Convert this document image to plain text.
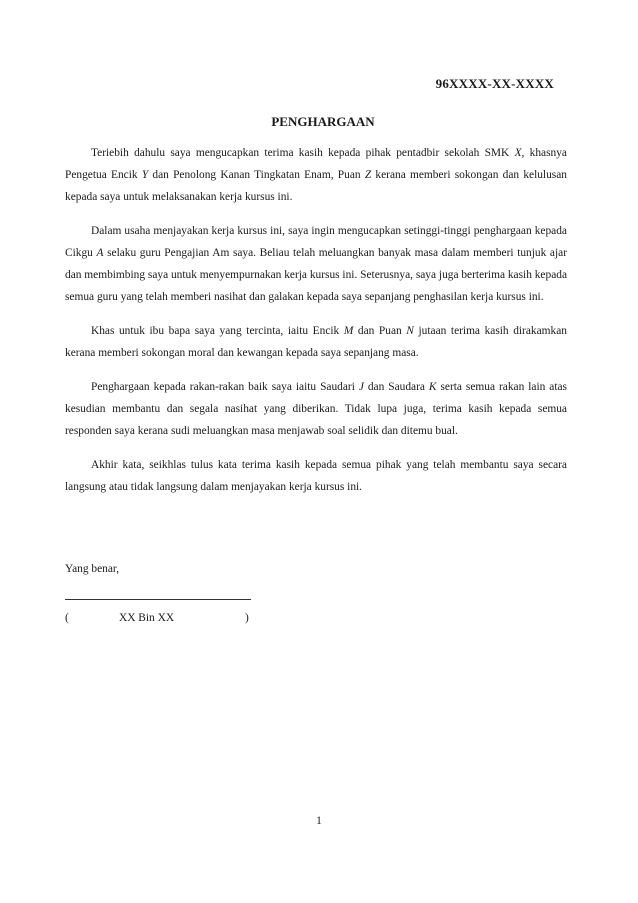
96XXXX-XX-XXXX
PENGHARGAAN

Teriebih dahulu saya mengucapkan terima kasih kepada pihak pentadbir sekolah SMK X, khasnya Pengetua Encik Y dan Penolong Kanan Tingkatan Enam, Puan Z kerana memberi sokongan dan kelulusan kepada saya untuk melaksanakan kerja kursus ini.

Dalam usaha menjayakan kerja kursus ini, saya ingin mengucapkan setinggi-tinggi penghargaan kepada Cikgu A selaku guru Pengajian Am saya. Beliau telah meluangkan banyak masa dalam memberi tunjuk ajar dan membimbing saya untuk menyempurnakan kerja kursus ini. Seterusnya, saya juga berterima kasih kepada semua guru yang telah memberi nasihat dan galakan kepada saya sepanjang penghasilan kerja kursus ini.

Khas untuk ibu bapa saya yang tercinta, iaitu Encik M dan Puan N jutaan terima kasih dirakamkan kerana memberi sokongan moral dan kewangan kepada saya sepanjang masa.

Penghargaan kepada rakan-rakan baik saya iaitu Saudari J dan Saudara K serta semua rakan lain atas kesudian membantu dan segala nasihat yang diberikan. Tidak lupa juga, terima kasih kepada semua responden saya kerana sudi meluangkan masa menjawab soal selidik dan ditemu bual.

Akhir kata, seikhlas tulus kata terima kasih kepada semua pihak yang telah membantu saya secara langsung atau tidak langsung dalam menjayakan kerja kursus ini.

Yang benar,
(	XX Bin XX	)
1
